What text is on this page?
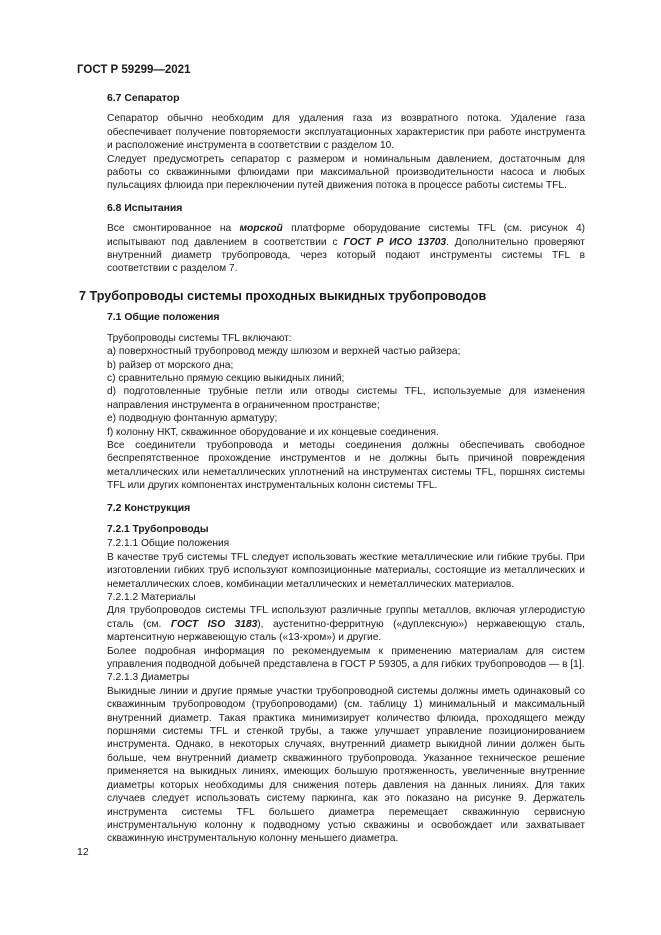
ГОСТ Р 59299—2021

6.7 Сепаратор

Сепаратор обычно необходим для удаления газа из возвратного потока. Удаление газа обеспечивает получение повторяемости эксплуатационных характеристик при работе инструмента и расположение инструмента в соответствии с разделом 10.

Следует предусмотреть сепаратор с размером и номинальным давлением, достаточным для работы со скважинными флюидами при максимальной производительности насоса и любых пульсациях флюида при переключении путей движения потока в процессе работы системы TFL.

6.8 Испытания

Все смонтированное на морской платформе оборудование системы TFL (см. рисунок 4) испытывают под давлением в соответствии с ГОСТ Р ИСО 13703. Дополнительно проверяют внутренний диаметр трубопровода, через который подают инструменты системы TFL в соответствии с разделом 7.

7 Трубопроводы системы проходных выкидных трубопроводов

7.1 Общие положения

Трубопроводы системы TFL включают:

a) поверхностный трубопровод между шлюзом и верхней частью райзера;

b) райзер от морского дна;

c) сравнительно прямую секцию выкидных линий;

d) подготовленные трубные петли или отводы системы TFL, используемые для изменения направления инструмента в ограниченном пространстве;

e) подводную фонтанную арматуру;

f) колонну НКТ, скважинное оборудование и их концевые соединения.

Все соединители трубопровода и методы соединения должны обеспечивать свободное беспрепятственное прохождение инструментов и не должны быть причиной повреждения металлических или неметаллических уплотнений на инструментах системы TFL, поршнях системы TFL или других компонентах инструментальных колонн системы TFL.

7.2 Конструкция

7.2.1 Трубопроводы

7.2.1.1 Общие положения

В качестве труб системы TFL следует использовать жесткие металлические или гибкие трубы. При изготовлении гибких труб используют композиционные материалы, состоящие из металлических и неметаллических слоев, комбинации металлических и неметаллических материалов.

7.2.1.2 Материалы

Для трубопроводов системы TFL используют различные группы металлов, включая углеродистую сталь (см. ГОСТ ISO 3183), аустенитно-ферритную («дуплексную») нержавеющую сталь, мартенситную нержавеющую сталь («13-хром») и другие.

Более подробная информация по рекомендуемым к применению материалам для систем управления подводной добычей представлена в ГОСТ Р 59305, а для гибких трубопроводов — в [1].

7.2.1.3 Диаметры

Выкидные линии и другие прямые участки трубопроводной системы должны иметь одинаковый со скважинным трубопроводом (трубопроводами) (см. таблицу 1) минимальный и максимальный внутренний диаметр. Такая практика минимизирует количество флюида, проходящего между поршнями системы TFL и стенкой трубы, а также улучшает управление позиционированием инструмента. Однако, в некоторых случаях, внутренний диаметр выкидной линии должен быть больше, чем внутренний диаметр скважинного трубопровода. Указанное техническое решение применяется на выкидных линиях, имеющих большую протяженность, увеличенные внутренние диаметры которых необходимы для снижения потерь давления на данных линиях. Для таких случаев следует использовать систему паркинга, как это показано на рисунке 9. Держатель инструмента системы TFL большего диаметра перемещает скважинную сервисную инструментальную колонну к подводному устью скважины и освобождает или захватывает скважинную инструментальную колонну меньшего диаметра.

12
